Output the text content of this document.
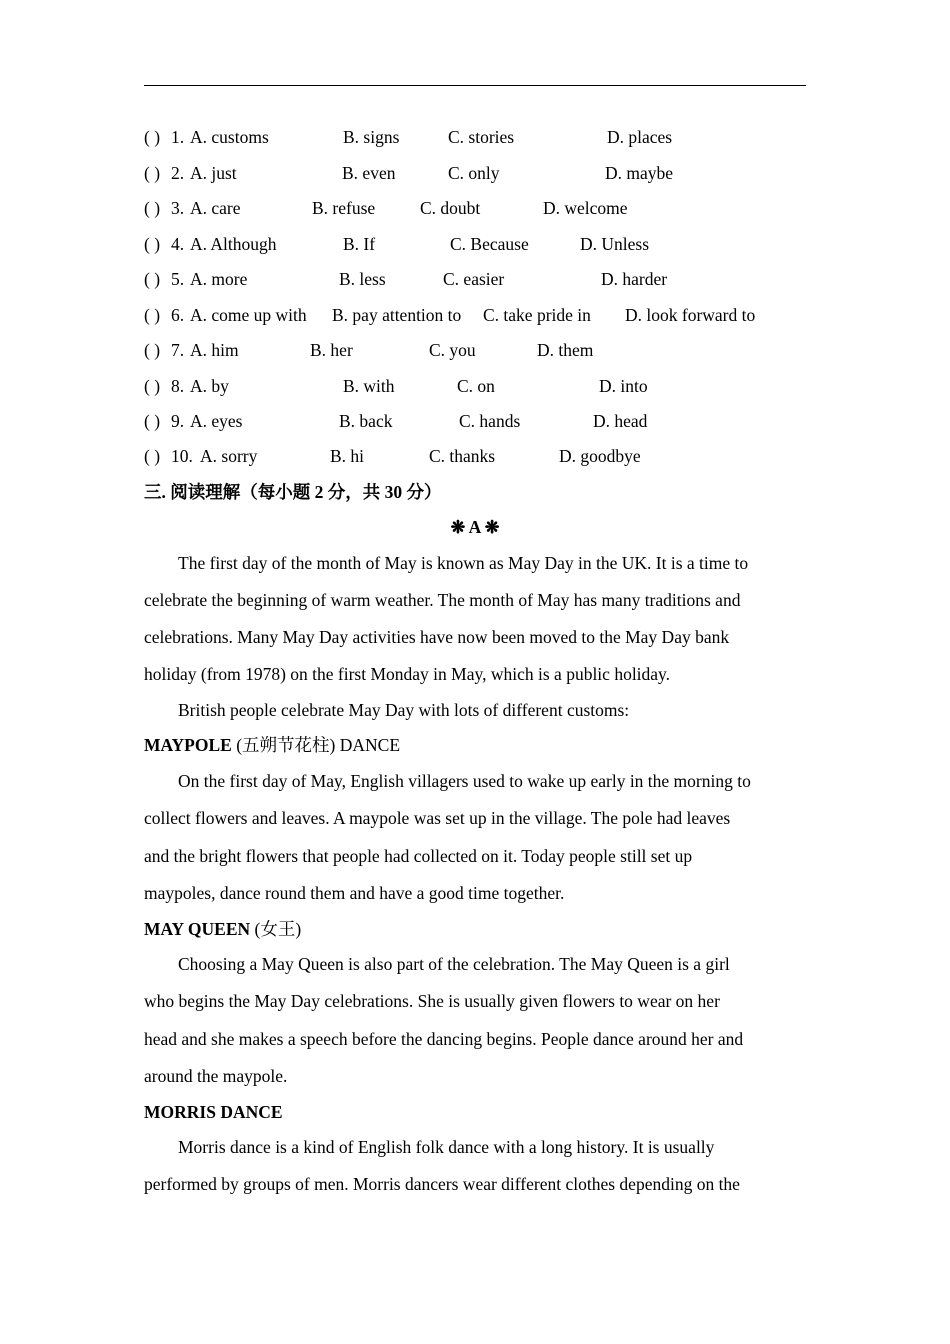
( ) 1. A. customs	B. signs	C. stories	D. places
( ) 2. A. just	B. even	C. only	D. maybe
( ) 3. A. care	B. refuse	C. doubt	D. welcome
( ) 4. A. Although	B. If	C. Because	D. Unless
( ) 5. A. more	B. less	C. easier	D. harder
( ) 6. A. come up with B. pay attention to C. take pride in D. look forward to
( ) 7. A. him	B. her	C. you	D. them
( ) 8. A. by	B. with	C. on	D. into
( ) 9. A. eyes	B. back	C. hands	D. head
( ) 10. A. sorry	B. hi	C. thanks	D. goodbye
三. 阅读理解（每小题 2 分，共 30 分）
❋ A ❋
The first day of the month of May is known as May Day in the UK. It is a time to
celebrate the beginning of warm weather. The month of May has many traditions and
celebrations. Many May Day activities have now been moved to the May Day bank
holiday (from 1978) on the first Monday in May, which is a public holiday.
British people celebrate May Day with lots of different customs:
MAYPOLE (五朔节花柱) DANCE
On the first day of May, English villagers used to wake up early in the morning to
collect flowers and leaves. A maypole was set up in the village. The pole had leaves
and the bright flowers that people had collected on it. Today people still set up
maypoles, dance round them and have a good time together.
MAY QUEEN (女王)
Choosing a May Queen is also part of the celebration. The May Queen is a girl
who begins the May Day celebrations. She is usually given flowers to wear on her
head and she makes a speech before the dancing begins. People dance around her and
around the maypole.
MORRIS DANCE
Morris dance is a kind of English folk dance with a long history. It is usually
performed by groups of men. Morris dancers wear different clothes depending on the
